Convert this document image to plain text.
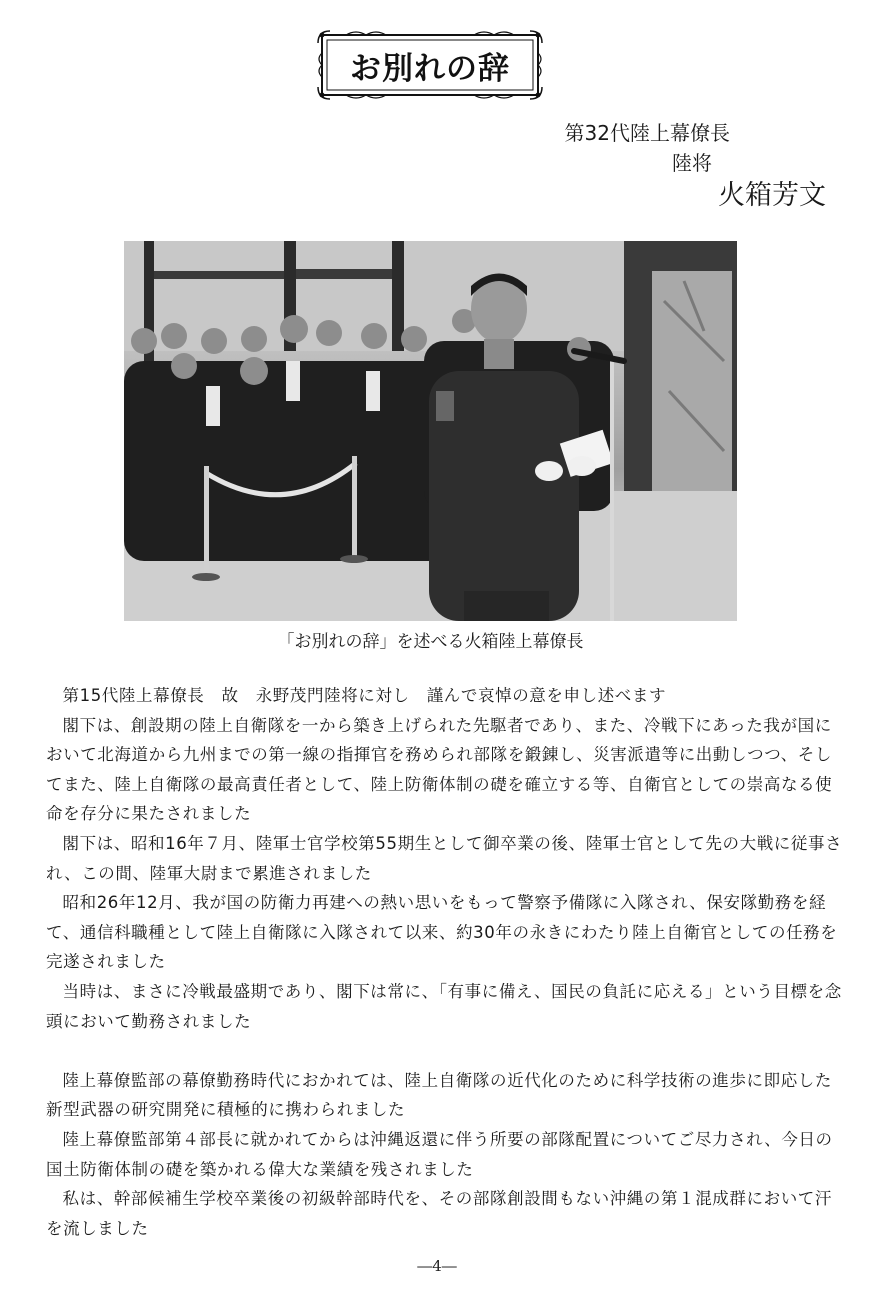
お別れの辞
第32代陸上幕僚長
陸将
火箱芳文
「お別れの辞」を述べる火箱陸上幕僚長

第15代陸上幕僚長　故　永野茂門陸将に対し　謹んで哀悼の意を申し述べます

閣下は、創設期の陸上自衛隊を一から築き上げられた先駆者であり、また、冷戦下にあった我が国において北海道から九州までの第一線の指揮官を務められ部隊を鍛錬し、災害派遣等に出動しつつ、そしてまた、陸上自衛隊の最高責任者として、陸上防衛体制の礎を確立する等、自衛官としての崇高なる使命を存分に果たされました

閣下は、昭和16年７月、陸軍士官学校第55期生として御卒業の後、陸軍士官として先の大戦に従事され、この間、陸軍大尉まで累進されました

昭和26年12月、我が国の防衛力再建への熱い思いをもって警察予備隊に入隊され、保安隊勤務を経て、通信科職種として陸上自衛隊に入隊されて以来、約30年の永きにわたり陸上自衛官としての任務を完遂されました

当時は、まさに冷戦最盛期であり、閣下は常に、「有事に備え、国民の負託に応える」という目標を念頭において勤務されました

陸上幕僚監部の幕僚勤務時代におかれては、陸上自衛隊の近代化のために科学技術の進歩に即応した新型武器の研究開発に積極的に携わられました

陸上幕僚監部第４部長に就かれてからは沖縄返還に伴う所要の部隊配置についてご尽力され、今日の国土防衛体制の礎を築かれる偉大な業績を残されました

私は、幹部候補生学校卒業後の初級幹部時代を、その部隊創設間もない沖縄の第１混成群において汗を流しました

―4―
